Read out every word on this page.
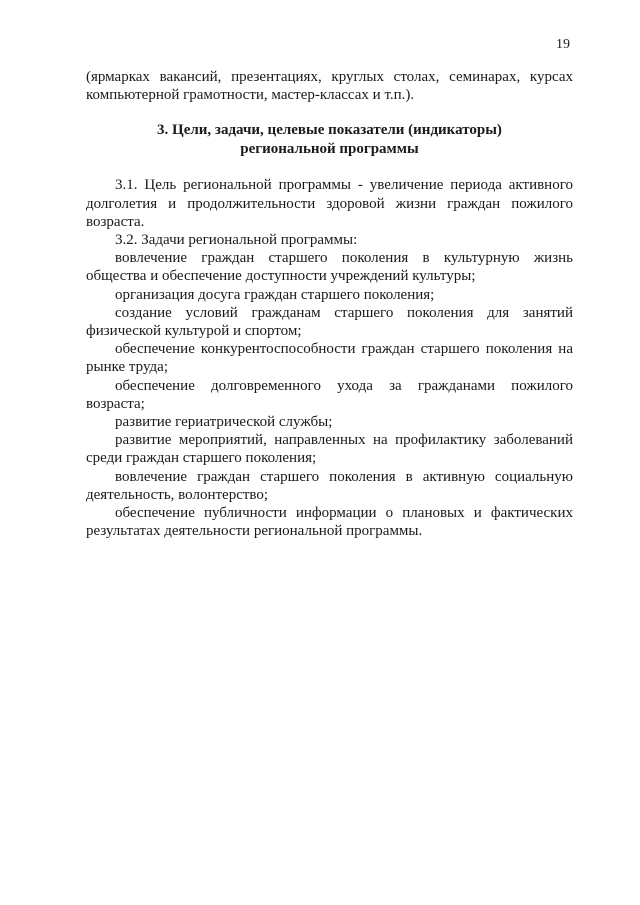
19

(ярмарках вакансий, презентациях, круглых столах, семинарах, курсах компьютерной грамотности, мастер-классах и т.п.).

3. Цели, задачи, целевые показатели (индикаторы)
региональной программы

3.1. Цель региональной программы - увеличение периода активного долголетия и продолжительности здоровой жизни граждан пожилого возраста.

3.2. Задачи региональной программы:

вовлечение граждан старшего поколения в культурную жизнь общества и обеспечение доступности учреждений культуры;

организация досуга граждан старшего поколения;

создание условий гражданам старшего поколения для занятий физической культурой и спортом;

обеспечение конкурентоспособности граждан старшего поколения на рынке труда;

обеспечение долговременного ухода за гражданами пожилого возраста;

развитие гериатрической службы;

развитие мероприятий, направленных на профилактику заболеваний среди граждан старшего поколения;

вовлечение граждан старшего поколения в активную социальную деятельность, волонтерство;

обеспечение публичности информации о плановых и фактических результатах деятельности региональной программы.
